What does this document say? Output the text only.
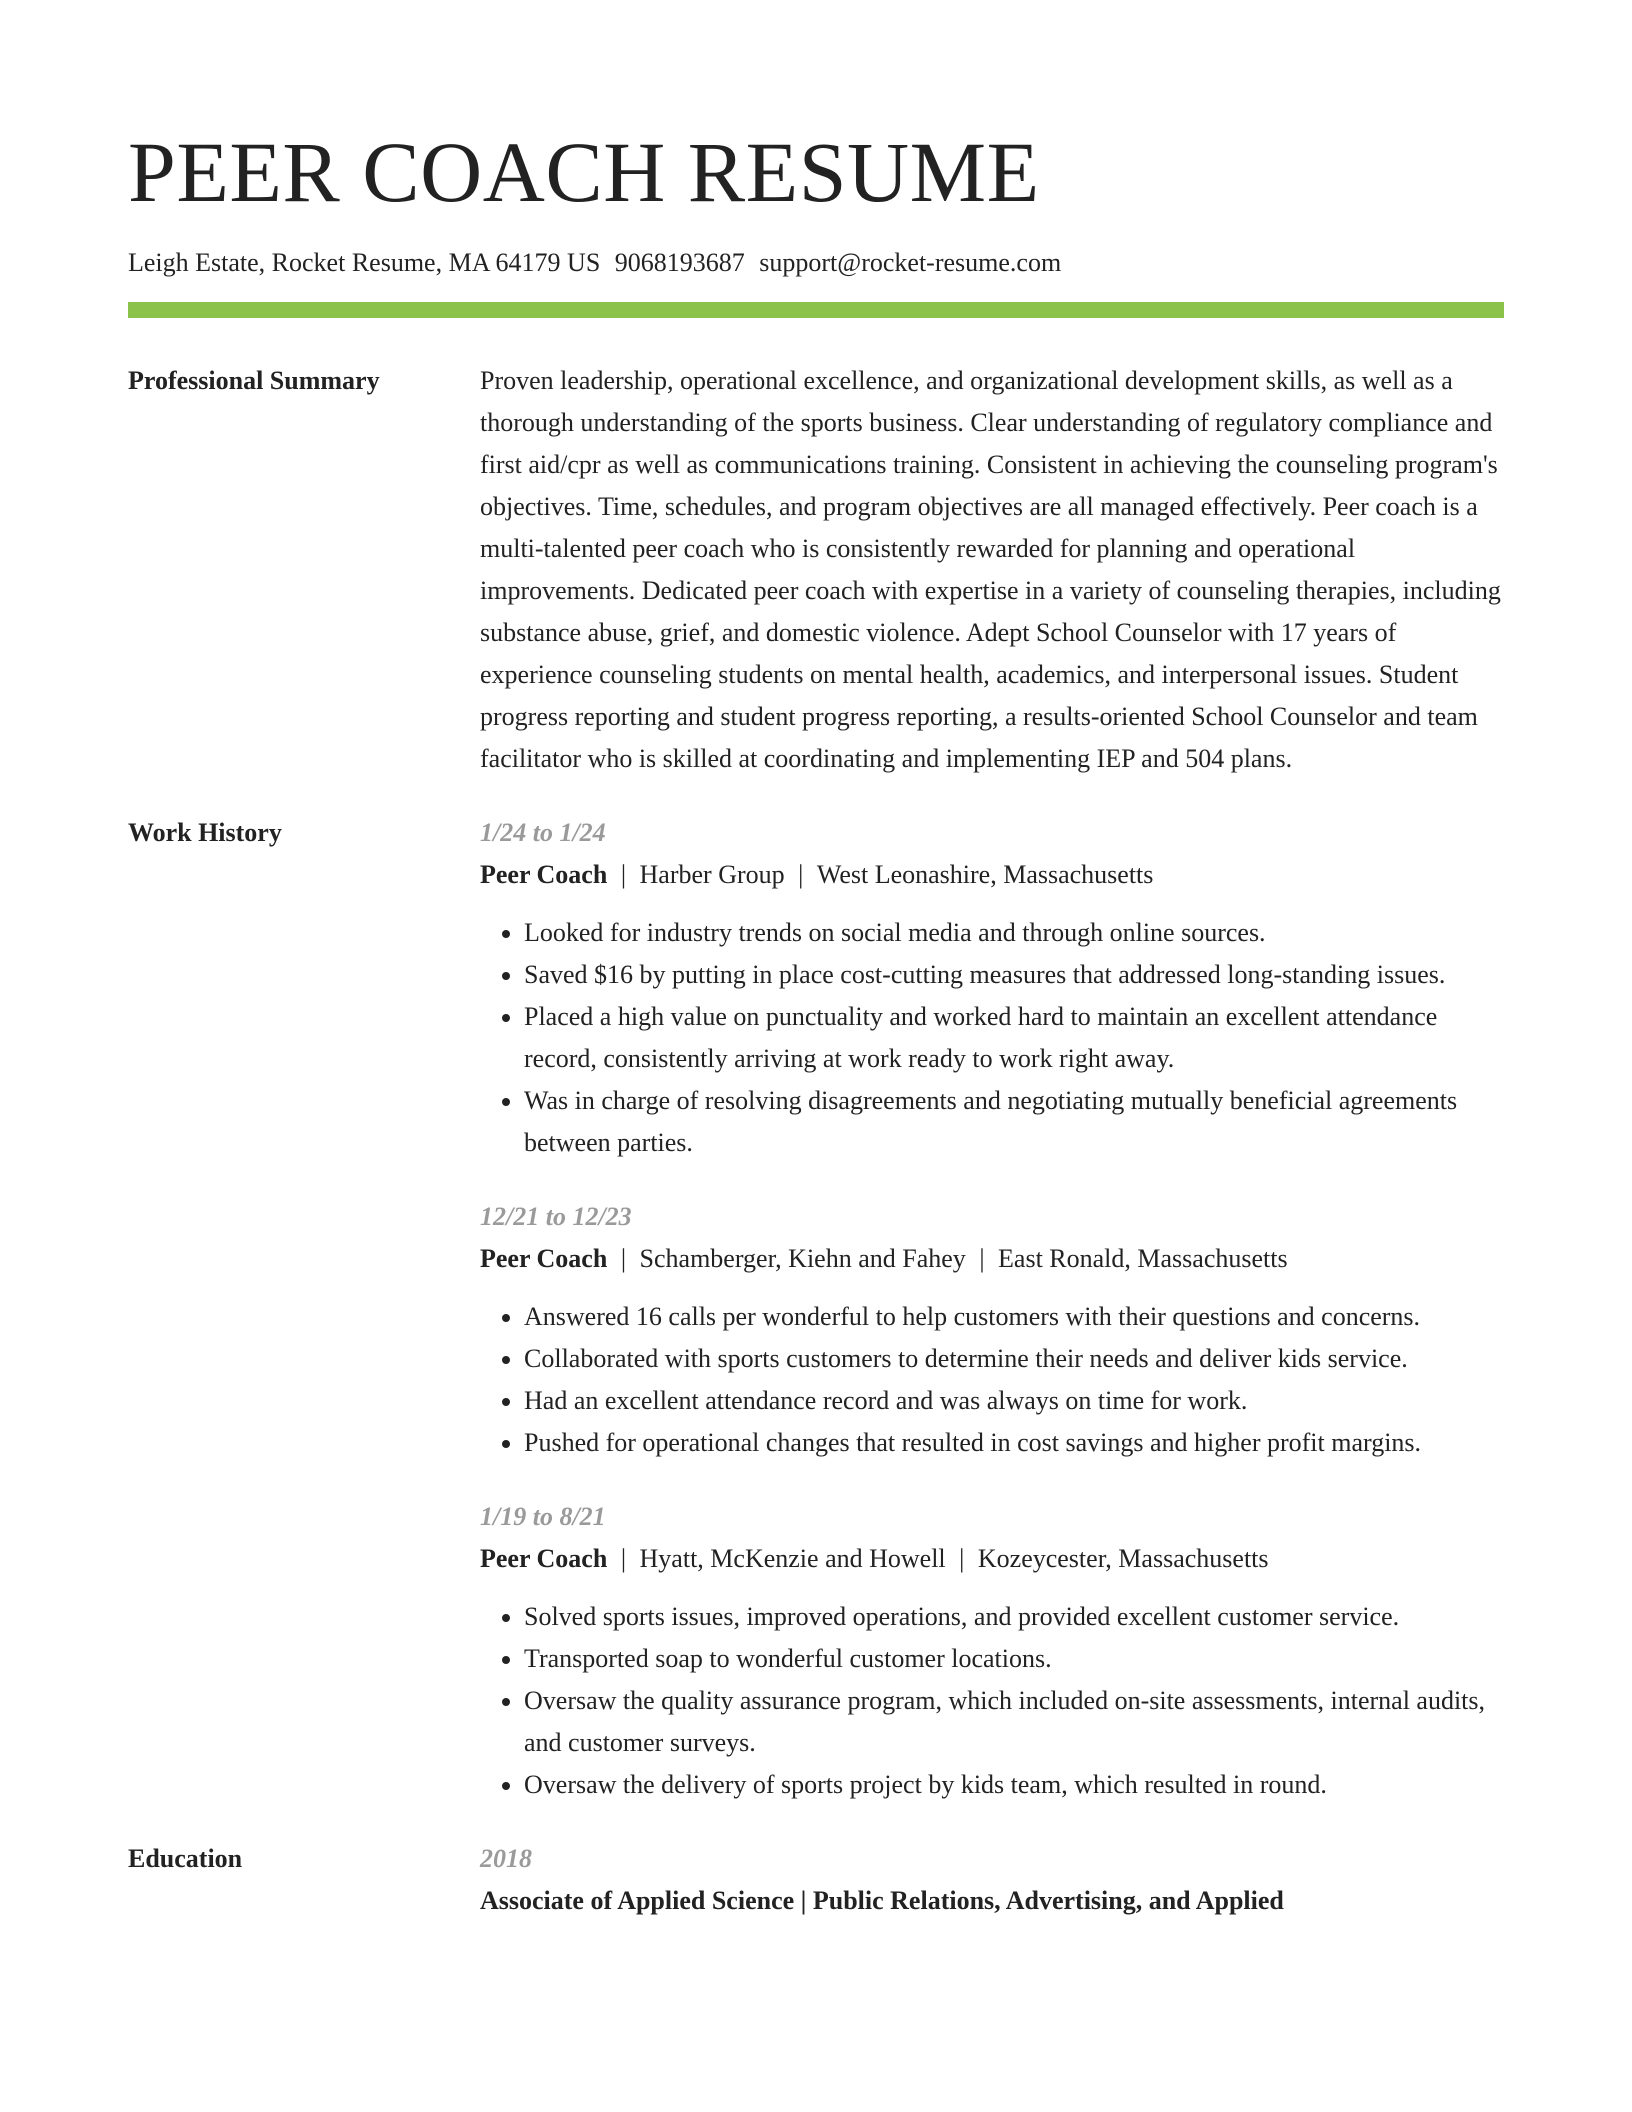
PEER COACH RESUME
Leigh Estate, Rocket Resume, MA 64179 US 9068193687 support@rocket-resume.com
Professional Summary	Proven leadership, operational excellence, and organizational development skills, as well as a thorough understanding of the sports business. Clear understanding of regulatory compliance and first aid/cpr as well as communications training. Consistent in achieving the counseling program's objectives. Time, schedules, and program objectives are all managed effectively. Peer coach is a multi-talented peer coach who is consistently rewarded for planning and operational improvements. Dedicated peer coach with expertise in a variety of counseling therapies, including substance abuse, grief, and domestic violence. Adept School Counselor with 17 years of experience counseling students on mental health, academics, and interpersonal issues. Student progress reporting and student progress reporting, a results-oriented School Counselor and team facilitator who is skilled at coordinating and implementing IEP and 504 plans.
Work History	1/24 to 1/24
Peer Coach | Harber Group | West Leonashire, Massachusetts
• Looked for industry trends on social media and through online sources.
• Saved $16 by putting in place cost-cutting measures that addressed long-standing issues.
• Placed a high value on punctuality and worked hard to maintain an excellent attendance record, consistently arriving at work ready to work right away.
• Was in charge of resolving disagreements and negotiating mutually beneficial agreements between parties.
12/21 to 12/23
Peer Coach | Schamberger, Kiehn and Fahey | East Ronald, Massachusetts
• Answered 16 calls per wonderful to help customers with their questions and concerns.
• Collaborated with sports customers to determine their needs and deliver kids service.
• Had an excellent attendance record and was always on time for work.
• Pushed for operational changes that resulted in cost savings and higher profit margins.
1/19 to 8/21
Peer Coach | Hyatt, McKenzie and Howell | Kozeycester, Massachusetts
• Solved sports issues, improved operations, and provided excellent customer service.
• Transported soap to wonderful customer locations.
• Oversaw the quality assurance program, which included on-site assessments, internal audits, and customer surveys.
• Oversaw the delivery of sports project by kids team, which resulted in round.
Education	2018
Associate of Applied Science | Public Relations, Advertising, and Applied
